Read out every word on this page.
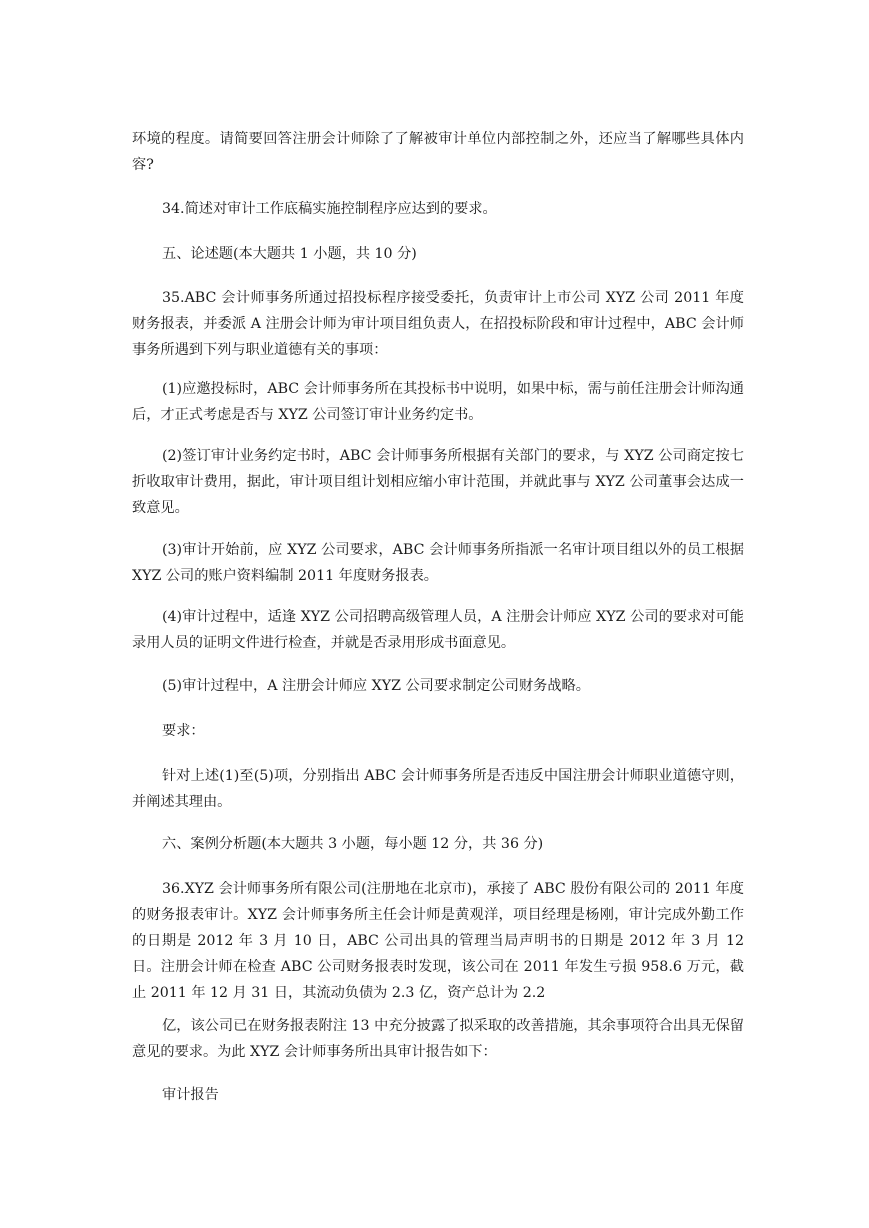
环境的程度。请简要回答注册会计师除了了解被审计单位内部控制之外，还应当了解哪些具体内容?

34.简述对审计工作底稿实施控制程序应达到的要求。

五、论述题(本大题共 1 小题，共 10 分)

35.ABC 会计师事务所通过招投标程序接受委托，负责审计上市公司 XYZ 公司 2011 年度财务报表，并委派 A 注册会计师为审计项目组负责人，在招投标阶段和审计过程中，ABC 会计师事务所遇到下列与职业道德有关的事项：

(1)应邀投标时，ABC 会计师事务所在其投标书中说明，如果中标，需与前任注册会计师沟通后，才正式考虑是否与 XYZ 公司签订审计业务约定书。

(2)签订审计业务约定书时，ABC 会计师事务所根据有关部门的要求，与 XYZ 公司商定按七折收取审计费用，据此，审计项目组计划相应缩小审计范围，并就此事与 XYZ 公司董事会达成一致意见。

(3)审计开始前，应 XYZ 公司要求，ABC 会计师事务所指派一名审计项目组以外的员工根据 XYZ 公司的账户资料编制 2011 年度财务报表。

(4)审计过程中，适逢 XYZ 公司招聘高级管理人员，A 注册会计师应 XYZ 公司的要求对可能录用人员的证明文件进行检查，并就是否录用形成书面意见。

(5)审计过程中，A 注册会计师应 XYZ 公司要求制定公司财务战略。

要求：

针对上述(1)至(5)项，分别指出 ABC 会计师事务所是否违反中国注册会计师职业道德守则，并阐述其理由。

六、案例分析题(本大题共 3 小题，每小题 12 分，共 36 分)

36.XYZ 会计师事务所有限公司(注册地在北京市)，承接了 ABC 股份有限公司的 2011 年度的财务报表审计。XYZ 会计师事务所主任会计师是黄观洋，项目经理是杨刚，审计完成外勤工作的日期是 2012 年 3 月 10 日，ABC 公司出具的管理当局声明书的日期是 2012 年 3 月 12 日。注册会计师在检查 ABC 公司财务报表时发现，该公司在 2011 年发生亏损 958.6 万元，截止 2011 年 12 月 31 日，其流动负债为 2.3 亿，资产总计为 2.2

亿，该公司已在财务报表附注 13 中充分披露了拟采取的改善措施，其余事项符合出具无保留意见的要求。为此 XYZ 会计师事务所出具审计报告如下：

审计报告
